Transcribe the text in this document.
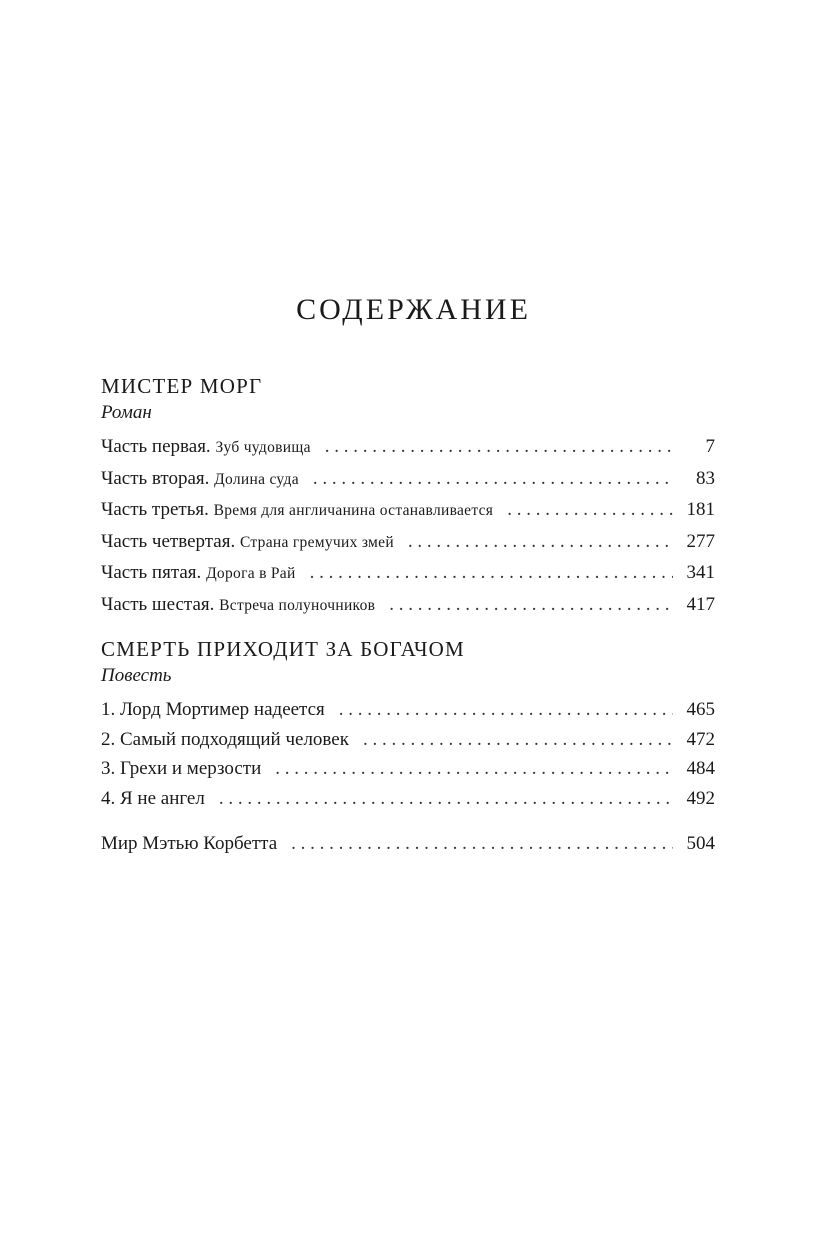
СОДЕРЖАНИЕ

МИСТЕР МОРГ

Роман

Часть первая. Зуб чудовища . . .	7
Часть вторая. Долина суда . . .	83
Часть третья. Время для англичанина останавливается . . .	181
Часть четвертая. Страна гремучих змей . . .	277
Часть пятая. Дорога в Рай . . .	341
Часть шестая. Встреча полуночников . . .	417

СМЕРТЬ ПРИХОДИТ ЗА БОГАЧОМ

Повесть

1. Лорд Мортимер надеется . . .	465
2. Самый подходящий человек . . .	472
3. Грехи и мерзости . . .	484
4. Я не ангел . . .	492
Мир Мэтью Корбетта . . .	504
